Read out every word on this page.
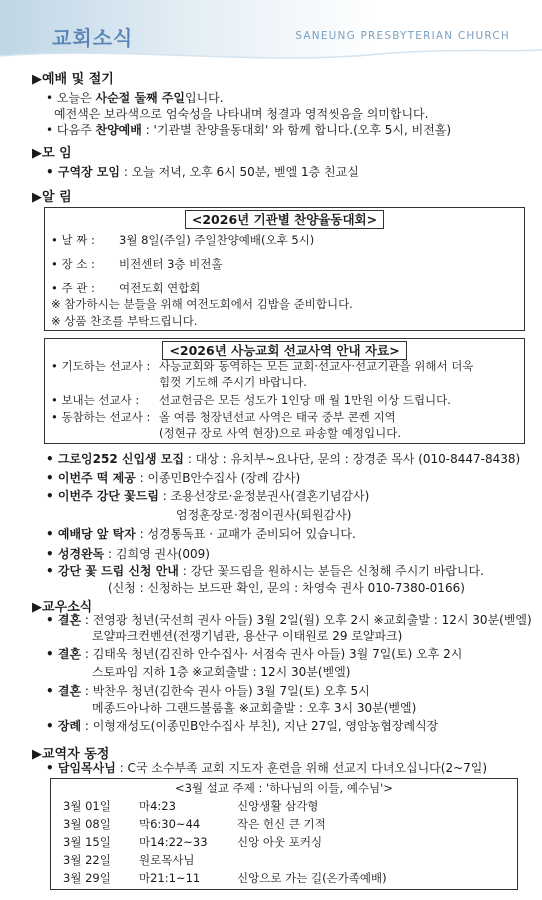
교회소식	SANEUNG PRESBYTERIAN CHURCH
▶예배 및 절기
• 오늘은 사순절 둘째 주일입니다.
예전색은 보라색으로 엄숙성을 나타내며 청결과 영적씻음을 의미합니다.
• 다음주 찬양예배 : '기관별 찬양율동대회' 와 함께 합니다.(오후 5시, 비전홀)
▶모 임
• 구역장 모임 : 오늘 저녁, 오후 6시 50분, 벧엘 1층 친교실
▶알 림
<2026년 기관별 찬양율동대회>
• 날 짜 : 3월 8일(주일) 주일찬양예배(오후 5시)
• 장 소 : 비전센터 3층 비전홀
• 주 관 : 여전도회 연합회
※ 참가하시는 분들을 위해 여전도회에서 김밥을 준비합니다.
※ 상품 찬조를 부탁드립니다.
<2026년 사능교회 선교사역 안내 자료>
• 기도하는 선교사 : 사능교회와 동역하는 모든 교회·선교사·선교기관을 위해서 더욱
힘껏 기도해 주시기 바랍니다.
• 보내는 선교사 : 선교헌금은 모든 성도가 1인당 매 월 1만원 이상 드립니다.
• 동참하는 선교사 : 올 여름 청장년선교 사역은 태국 중부 콘켄 지역
(정현규 장로 사역 현장)으로 파송할 예정입니다.
• 그로잉252 신입생 모집 : 대상 : 유치부~요나단, 문의 : 장경준 목사 (010-8447-8438)
• 이번주 떡 제공 : 이종민B안수집사 (장례 감사)
• 이번주 강단 꽃드림 : 조용선장로·윤정분권사(결혼기념감사)
엄정훈장로·정점이권사(퇴원감사)
• 예배당 앞 탁자 : 성경통독표 · 교패가 준비되어 있습니다.
• 성경완독 : 김희영 권사(009)
• 강단 꽃 드림 신청 안내 : 강단 꽃드림을 원하시는 분들은 신청해 주시기 바랍니다.
(신청 : 신청하는 보드판 확인, 문의 : 차영숙 권사 010-7380-0166)
▶교우소식
• 결혼 : 전영광 청년(국선희 권사 아들) 3월 2일(월) 오후 2시 ※교회출발 : 12시 30분(벧엘)
로얄파크컨벤션(전쟁기념관, 용산구 이태원로 29 로얄파크)
• 결혼 : 김태욱 청년(김진하 안수집사· 서점숙 권사 아들) 3월 7일(토) 오후 2시
스토파임 지하 1층 ※교회출발 : 12시 30분(벧엘)
• 결혼 : 박찬우 청년(김한숙 권사 아들) 3월 7일(토) 오후 5시
메종드아나하 그랜드볼룸홀 ※교회출발 : 오후 3시 30분(벧엘)
• 장례 : 이형재성도(이종민B안수집사 부친), 지난 27일, 영암농협장례식장
▶교역자 동정
• 담임목사님 : C국 소수부족 교회 지도자 훈련을 위해 선교지 다녀오십니다(2~7일)
<3월 설교 주제 : '하나님의 이들, 예수님'>
3월 01일 마4:23	신앙생활 삼각형
3월 08일 막6:30~44	작은 헌신 큰 기적
3월 15일 마14:22~33	신앙 아웃 포커싱
3월 22일 원로목사님
3월 29일 마21:1~11	신앙으로 가는 길(온가족예배)
